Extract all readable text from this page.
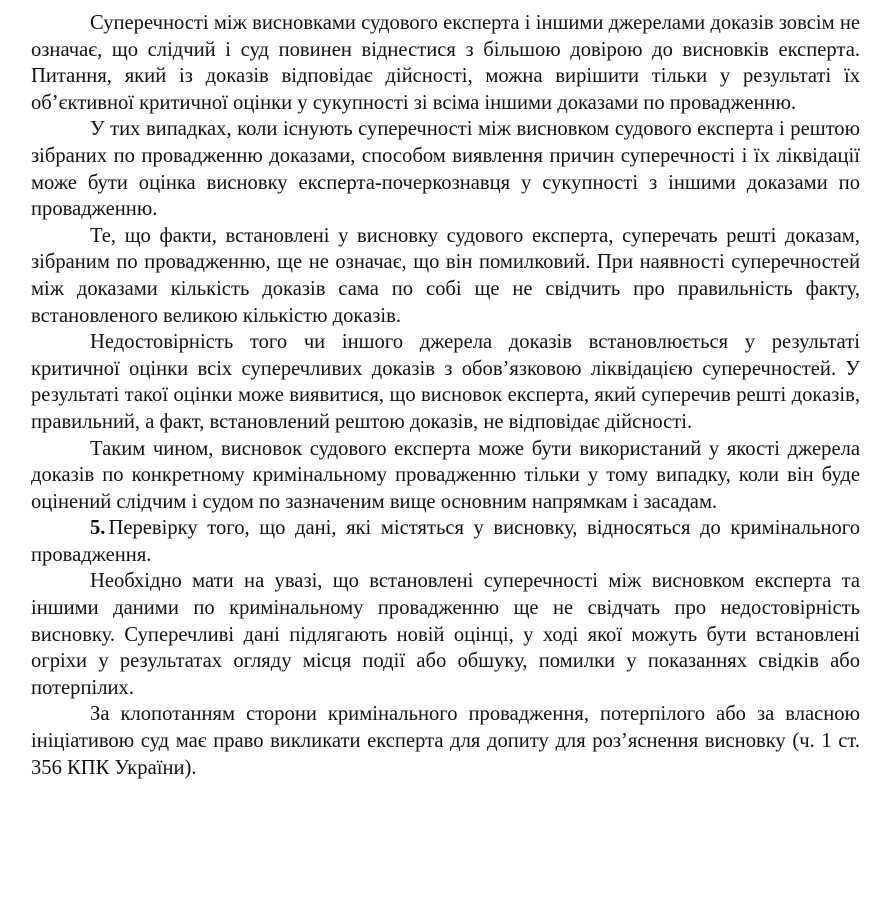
Суперечності між висновками судового експерта і іншими джерелами доказів зовсім не означає, що слідчий і суд повинен віднестися з більшою довірою до висновків експерта. Питання, який із доказів відповідає дійсності, можна вирішити тільки у результаті їх об’єктивної критичної оцінки у сукупності зі всіма іншими доказами по провадженню.

У тих випадках, коли існують суперечності між висновком судового експерта і рештою зібраних по провадженню доказами, способом виявлення причин суперечності і їх ліквідації може бути оцінка висновку експерта-почеркознавця у сукупності з іншими доказами по провадженню.

Те, що факти, встановлені у висновку судового експерта, суперечать решті доказам, зібраним по провадженню, ще не означає, що він помилковий. При наявності суперечностей між доказами кількість доказів сама по собі ще не свідчить про правильність факту, встановленого великою кількістю доказів.

Недостовірність того чи іншого джерела доказів встановлюється у результаті критичної оцінки всіх суперечливих доказів з обов’язковою ліквідацією суперечностей. У результаті такої оцінки може виявитися, що висновок експерта, який суперечив решті доказів, правильний, а факт, встановлений рештою доказів, не відповідає дійсності.

Таким чином, висновок судового експерта може бути використаний у якості джерела доказів по конкретному кримінальному провадженню тільки у тому випадку, коли він буде оцінений слідчим і судом по зазначеним вище основним напрямкам і засадам.

5. Перевірку того, що дані, які містяться у висновку, відносяться до кримінального провадження.

Необхідно мати на увазі, що встановлені суперечності між висновком експерта та іншими даними по кримінальному провадженню ще не свідчать про недостовірність висновку. Суперечливі дані підлягають новій оцінці, у ході якої можуть бути встановлені огріхи у результатах огляду місця події або обшуку, помилки у показаннях свідків або потерпілих.

За клопотанням сторони кримінального провадження, потерпілого або за власною ініціативою суд має право викликати експерта для допиту для роз’яснення висновку (ч. 1 ст. 356 КПК України).
